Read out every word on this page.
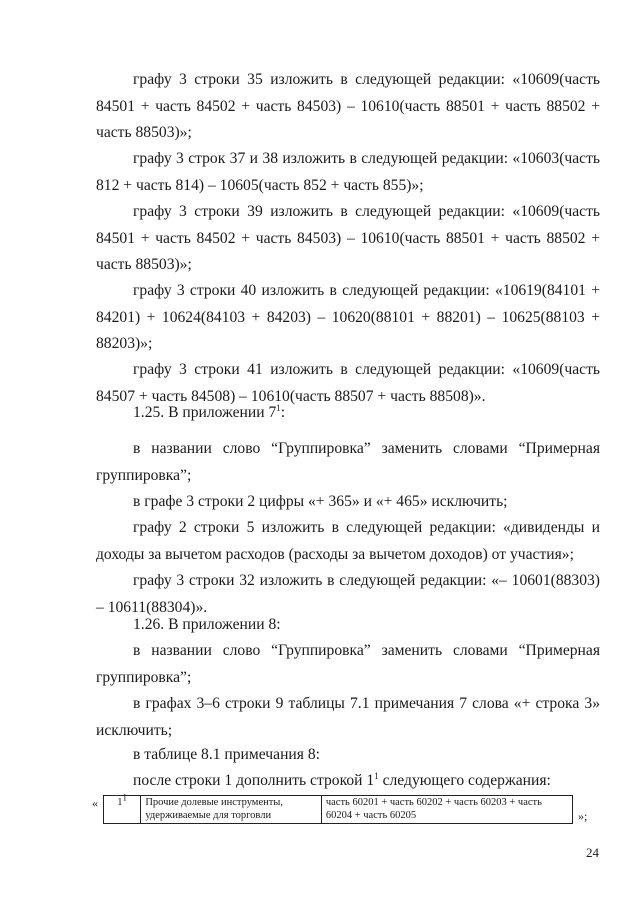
графу 3 строки 35 изложить в следующей редакции: «10609(часть 84501 + часть 84502 + часть 84503) – 10610(часть 88501 + часть 88502 + часть 88503)»;

графу 3 строк 37 и 38 изложить в следующей редакции: «10603(часть 812 + часть 814) – 10605(часть 852 + часть 855)»;

графу 3 строки 39 изложить в следующей редакции: «10609(часть 84501 + часть 84502 + часть 84503) – 10610(часть 88501 + часть 88502 + часть 88503)»;

графу 3 строки 40 изложить в следующей редакции: «10619(84101 + 84201) + 10624(84103 + 84203) – 10620(88101 + 88201) – 10625(88103 + 88203)»;

графу 3 строки 41 изложить в следующей редакции: «10609(часть 84507 + часть 84508) – 10610(часть 88507 + часть 88508)».

1.25. В приложении $7^1$:

в названии слово “Группировка” заменить словами “Примерная группировка”;

в графе 3 строки 2 цифры «+ 365» и «+ 465» исключить;

графу 2 строки 5 изложить в следующей редакции: «дивиденды и доходы за вычетом расходов (расходы за вычетом доходов) от участия»;

графу 3 строки 32 изложить в следующей редакции: «– 10601(88303) – 10611(88304)».

1.26. В приложении 8:

в названии слово “Группировка” заменить словами “Примерная группировка”;

в графах 3–6 строки 9 таблицы 7.1 примечания 7 слова «+ строка 3» исключить;

в таблице 8.1 примечания 8:

после строки 1 дополнить строкой $1^1$ следующего содержания:

« $1^1$	Прочие долевые инструменты, удерживаемые для торговли	часть 60201 + часть 60202 + часть 60203 + часть 60204 + часть 60205	»;
24
